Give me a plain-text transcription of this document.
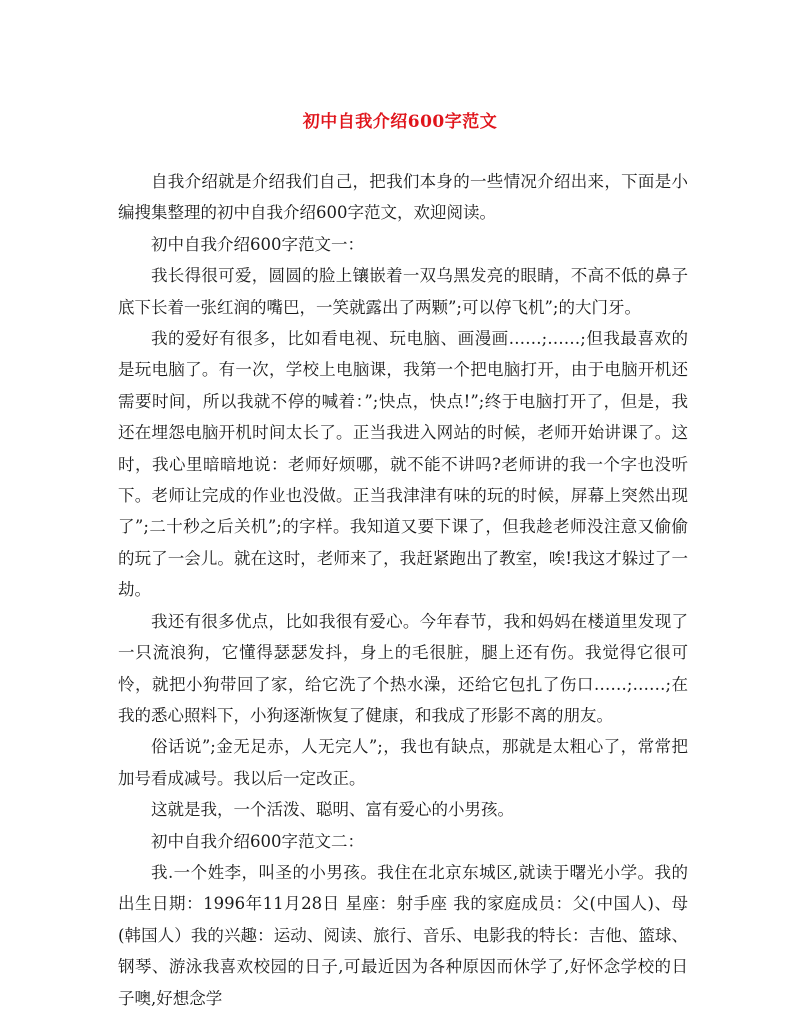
初中自我介绍600字范文

自我介绍就是介绍我们自己，把我们本身的一些情况介绍出来，下面是小编搜集整理的初中自我介绍600字范文，欢迎阅读。

初中自我介绍600字范文一：

我长得很可爱，圆圆的脸上镶嵌着一双乌黑发亮的眼睛，不高不低的鼻子底下长着一张红润的嘴巴，一笑就露出了两颗”;可以停飞机”;的大门牙。

我的爱好有很多，比如看电视、玩电脑、画漫画……;……;但我最喜欢的是玩电脑了。有一次，学校上电脑课，我第一个把电脑打开，由于电脑开机还需要时间，所以我就不停的喊着：”;快点，快点!”;终于电脑打开了，但是，我还在埋怨电脑开机时间太长了。正当我进入网站的时候，老师开始讲课了。这时，我心里暗暗地说：老师好烦哪，就不能不讲吗?老师讲的我一个字也没听下。老师让完成的作业也没做。正当我津津有味的玩的时候，屏幕上突然出现了”;二十秒之后关机”;的字样。我知道又要下课了，但我趁老师没注意又偷偷的玩了一会儿。就在这时，老师来了，我赶紧跑出了教室，唉!我这才躲过了一劫。

我还有很多优点，比如我很有爱心。今年春节，我和妈妈在楼道里发现了一只流浪狗，它懂得瑟瑟发抖，身上的毛很脏，腿上还有伤。我觉得它很可怜，就把小狗带回了家，给它洗了个热水澡，还给它包扎了伤口……;……;在我的悉心照料下，小狗逐渐恢复了健康，和我成了形影不离的朋友。

俗话说”;金无足赤，人无完人”;，我也有缺点，那就是太粗心了，常常把加号看成减号。我以后一定改正。

这就是我，一个活泼、聪明、富有爱心的小男孩。

初中自我介绍600字范文二：

我.一个姓李，叫圣的小男孩。我住在北京东城区,就读于曙光小学。我的出生日期：1996年11月28日 星座：射手座 我的家庭成员：父(中国人)、母(韩国人）我的兴趣：运动、阅读、旅行、音乐、电影我的特长：吉他、篮球、钢琴、游泳我喜欢校园的日子,可最近因为各种原因而休学了,好怀念学校的日子噢,好想念学
